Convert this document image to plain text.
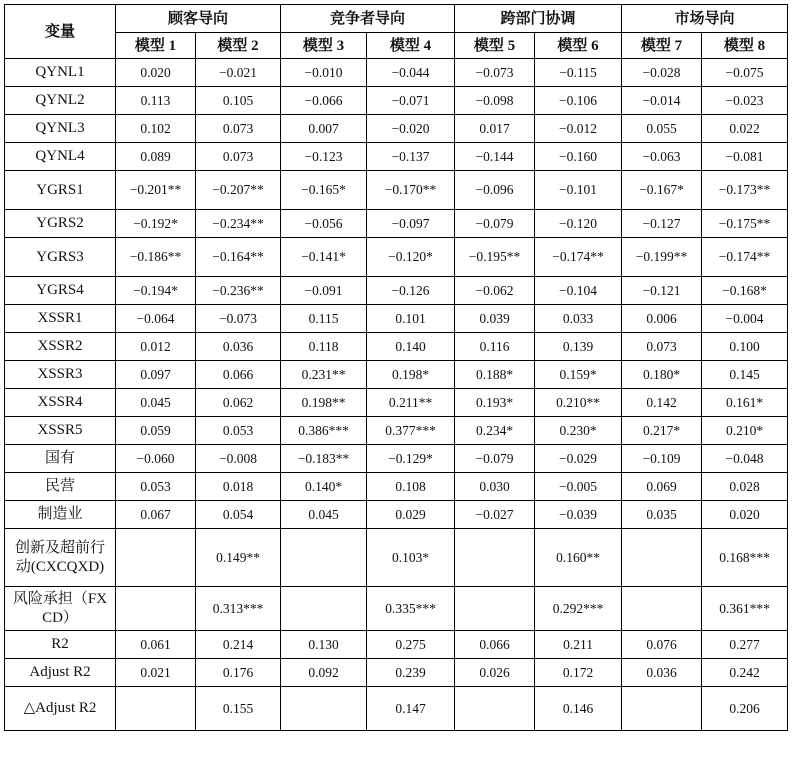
变量	顾客导向		竞争者导向		跨部门协调		市场导向	
	模型 1	模型 2	模型 3	模型 4	模型 5	模型 6	模型 7	模型 8
QYNL1	0.020	−0.021	−0.010	−0.044	−0.073	−0.115	−0.028	−0.075
QYNL2	0.113	0.105	−0.066	−0.071	−0.098	−0.106	−0.014	−0.023
QYNL3	0.102	0.073	0.007	−0.020	0.017	−0.012	0.055	0.022
QYNL4	0.089	0.073	−0.123	−0.137	−0.144	−0.160	−0.063	−0.081
YGRS1	−0.201**	−0.207**	−0.165*	−0.170**	−0.096	−0.101	−0.167*	−0.173**
YGRS2	−0.192*	−0.234**	−0.056	−0.097	−0.079	−0.120	−0.127	−0.175**
YGRS3	−0.186**	−0.164**	−0.141*	−0.120*	−0.195**	−0.174**	−0.199**	−0.174**
YGRS4	−0.194*	−0.236**	−0.091	−0.126	−0.062	−0.104	−0.121	−0.168*
XSSR1	−0.064	−0.073	0.115	0.101	0.039	0.033	0.006	−0.004
XSSR2	0.012	0.036	0.118	0.140	0.116	0.139	0.073	0.100
XSSR3	0.097	0.066	0.231**	0.198*	0.188*	0.159*	0.180*	0.145
XSSR4	0.045	0.062	0.198**	0.211**	0.193*	0.210**	0.142	0.161*
XSSR5	0.059	0.053	0.386***	0.377***	0.234*	0.230*	0.217*	0.210*
国有	−0.060	−0.008	−0.183**	−0.129*	−0.079	−0.029	−0.109	−0.048
民营	0.053	0.018	0.140*	0.108	0.030	−0.005	0.069	0.028
制造业	0.067	0.054	0.045	0.029	−0.027	−0.039	0.035	0.020
创新及超前行动(CXCQXD)		0.149**		0.103*		0.160**		0.168***
风险承担（FXCD）		0.313***		0.335***		0.292***		0.361***
R2	0.061	0.214	0.130	0.275	0.066	0.211	0.076	0.277
Adjust R2	0.021	0.176	0.092	0.239	0.026	0.172	0.036	0.242
△Adjust R2		0.155		0.147		0.146		0.206
